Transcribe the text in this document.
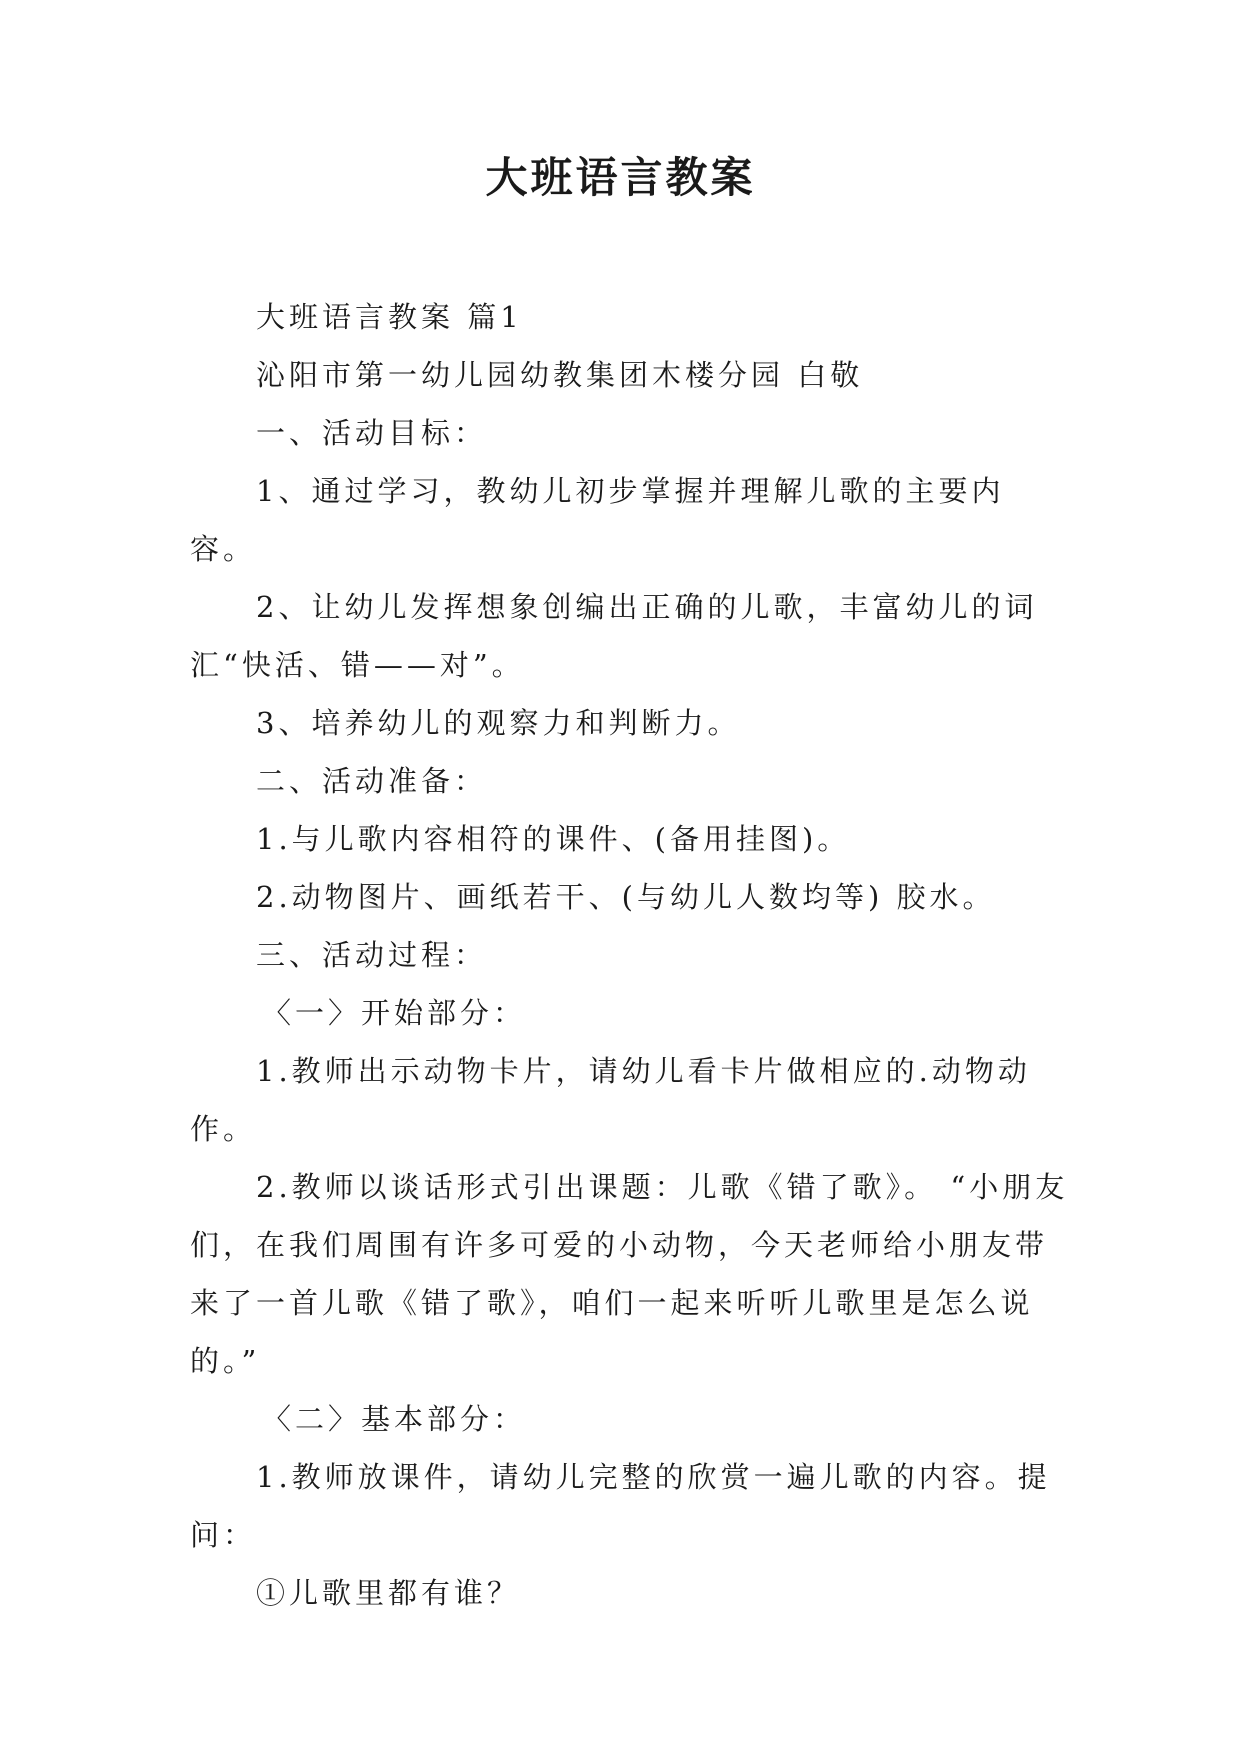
大班语言教案

大班语言教案 篇1

沁阳市第一幼儿园幼教集团木楼分园 白敬

一、活动目标：

1、通过学习，教幼儿初步掌握并理解儿歌的主要内容。

2、让幼儿发挥想象创编出正确的儿歌，丰富幼儿的词汇“快活、错——对”。

3、培养幼儿的观察力和判断力。

二、活动准备：

1.与儿歌内容相符的课件、(备用挂图)。

2.动物图片、画纸若干、(与幼儿人数均等) 胶水。

三、活动过程：

〈一〉开始部分：

1.教师出示动物卡片，请幼儿看卡片做相应的.动物动作。

2.教师以谈话形式引出课题：儿歌《错了歌》。 “小朋友们，在我们周围有许多可爱的小动物，今天老师给小朋友带来了一首儿歌《错了歌》，咱们一起来听听儿歌里是怎么说的。”

〈二〉基本部分：

1.教师放课件，请幼儿完整的欣赏一遍儿歌的内容。提问：

①儿歌里都有谁？
